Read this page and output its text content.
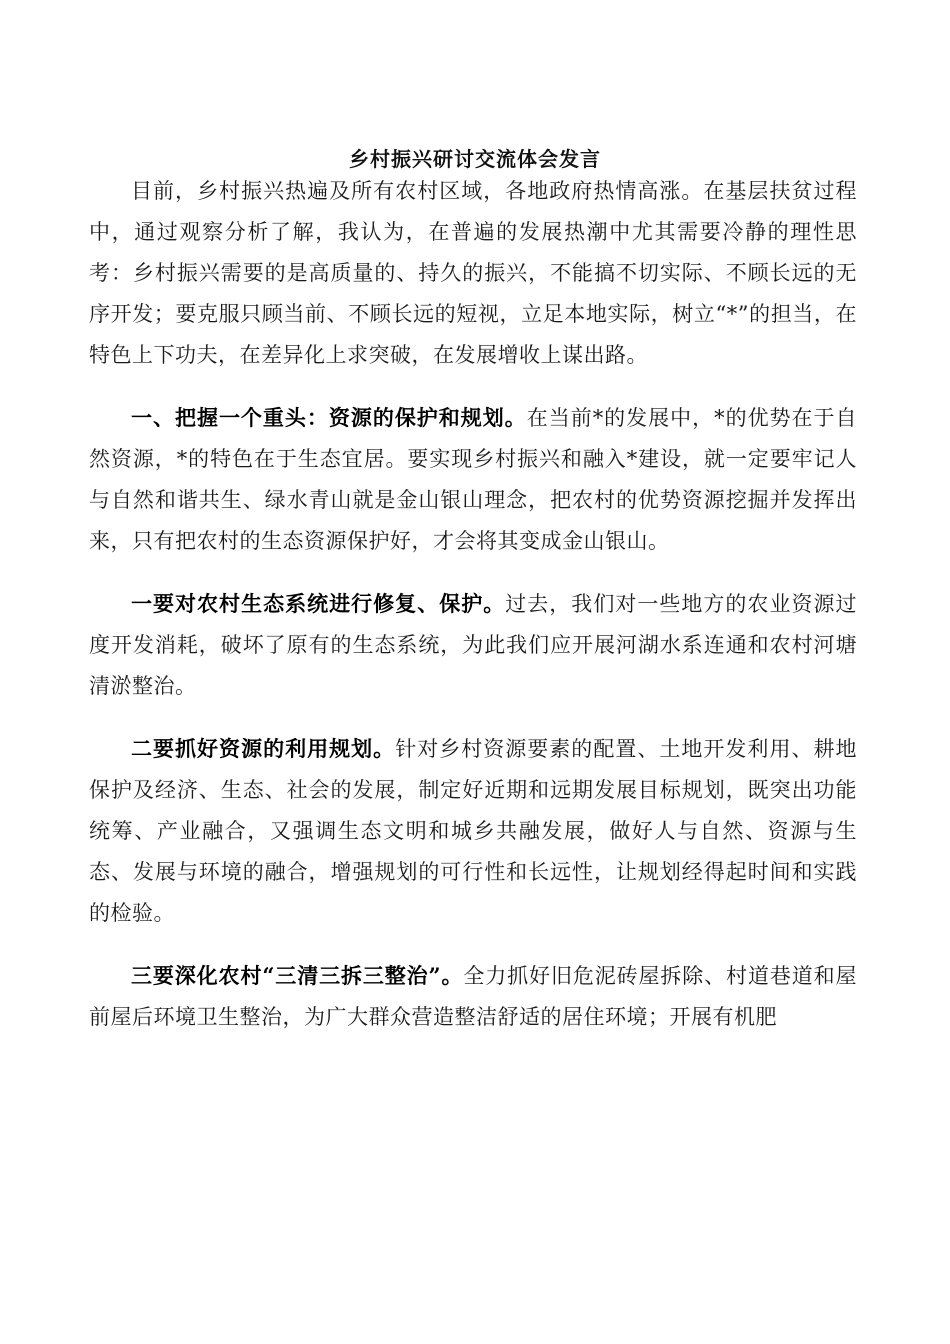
乡村振兴研讨交流体会发言

目前，乡村振兴热遍及所有农村区域，各地政府热情高涨。在基层扶贫过程中，通过观察分析了解，我认为，在普遍的发展热潮中尤其需要冷静的理性思考：乡村振兴需要的是高质量的、持久的振兴，不能搞不切实际、不顾长远的无序开发；要克服只顾当前、不顾长远的短视，立足本地实际，树立“*”的担当，在特色上下功夫，在差异化上求突破，在发展增收上谋出路。

一、把握一个重头：资源的保护和规划。在当前*的发展中，*的优势在于自然资源，*的特色在于生态宜居。要实现乡村振兴和融入*建设，就一定要牢记人与自然和谐共生、绿水青山就是金山银山理念，把农村的优势资源挖掘并发挥出来，只有把农村的生态资源保护好，才会将其变成金山银山。

一要对农村生态系统进行修复、保护。过去，我们对一些地方的农业资源过度开发消耗，破坏了原有的生态系统，为此我们应开展河湖水系连通和农村河塘清淤整治。

二要抓好资源的利用规划。针对乡村资源要素的配置、土地开发利用、耕地保护及经济、生态、社会的发展，制定好近期和远期发展目标规划，既突出功能统筹、产业融合，又强调生态文明和城乡共融发展，做好人与自然、资源与生态、发展与环境的融合，增强规划的可行性和长远性，让规划经得起时间和实践的检验。

三要深化农村“三清三拆三整治”。全力抓好旧危泥砖屋拆除、村道巷道和屋前屋后环境卫生整治，为广大群众营造整洁舒适的居住环境；开展有机肥
